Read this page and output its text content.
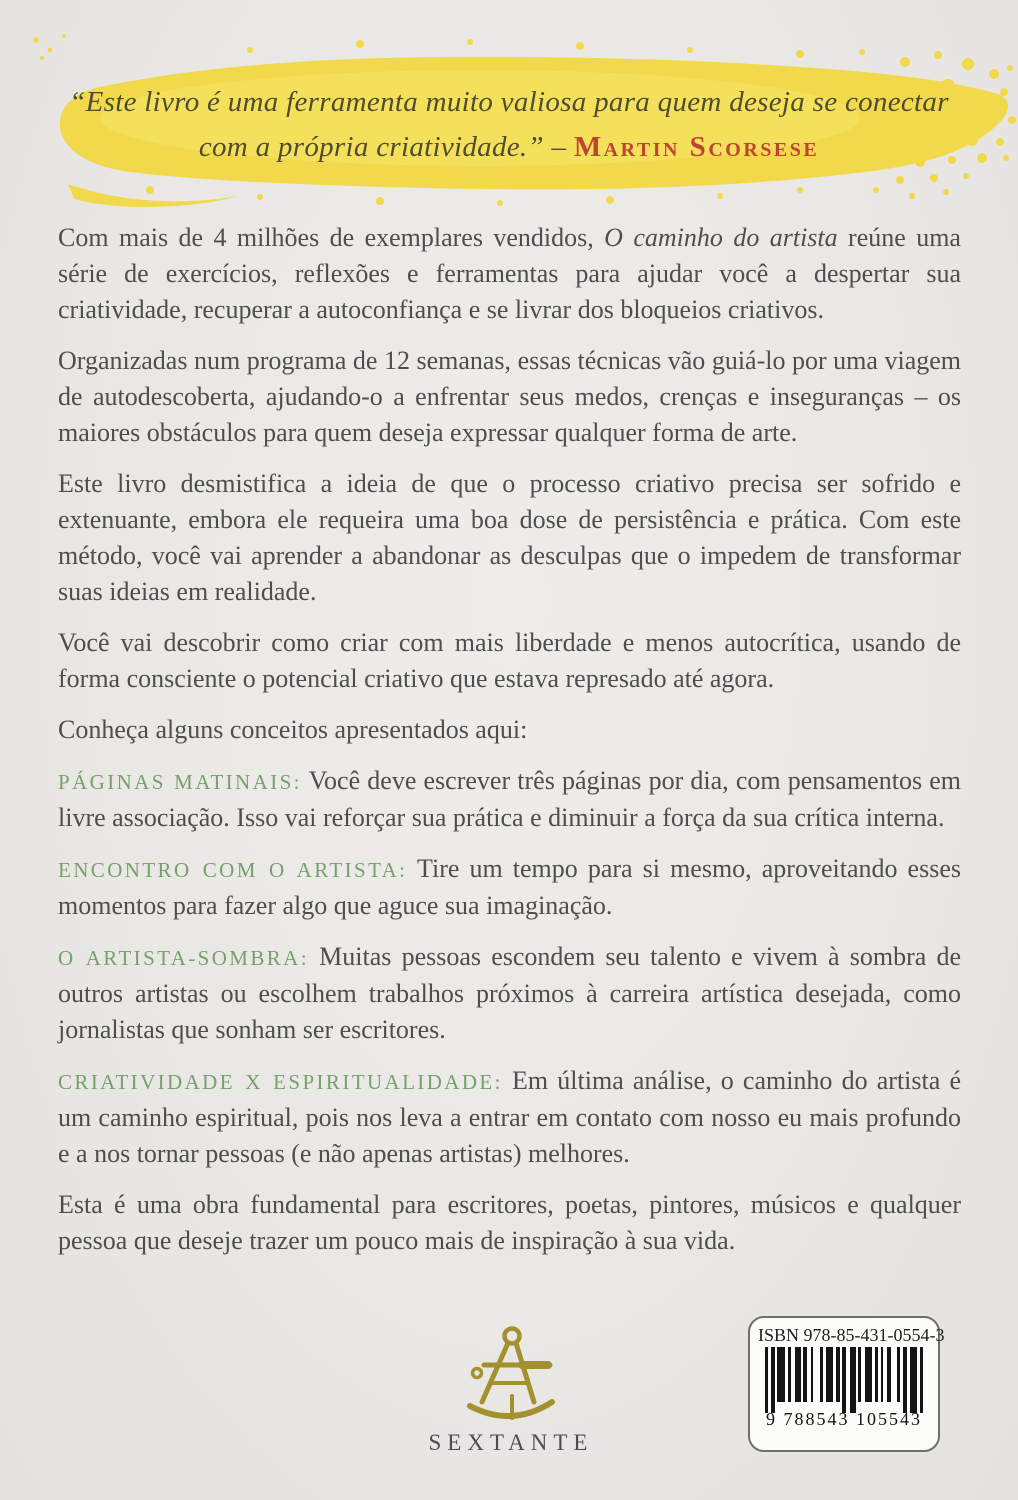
“Este livro é uma ferramenta muito valiosa para quem deseja se conectar
com a própria criatividade.” – Martin Scorsese

Com mais de 4 milhões de exemplares vendidos, O caminho do artista reúne uma série de exercícios, reflexões e ferramentas para ajudar você a despertar sua criatividade, recuperar a autoconfiança e se livrar dos bloqueios criativos.

Organizadas num programa de 12 semanas, essas técnicas vão guiá-lo por uma viagem de autodescoberta, ajudando-o a enfrentar seus medos, crenças e inseguranças – os maiores obstáculos para quem deseja expressar qualquer forma de arte.

Este livro desmistifica a ideia de que o processo criativo precisa ser sofrido e extenuante, embora ele requeira uma boa dose de persistência e prática. Com este método, você vai aprender a abandonar as desculpas que o impedem de transformar suas ideias em realidade.

Você vai descobrir como criar com mais liberdade e menos autocrítica, usando de forma consciente o potencial criativo que estava represado até agora.

Conheça alguns conceitos apresentados aqui:

PÁGINAS MATINAIS: Você deve escrever três páginas por dia, com pensamentos em livre associação. Isso vai reforçar sua prática e diminuir a força da sua crítica interna.

ENCONTRO COM O ARTISTA: Tire um tempo para si mesmo, aproveitando esses momentos para fazer algo que aguce sua imaginação.

O ARTISTA-SOMBRA: Muitas pessoas escondem seu talento e vivem à sombra de outros artistas ou escolhem trabalhos próximos à carreira artística desejada, como jornalistas que sonham ser escritores.

CRIATIVIDADE X ESPIRITUALIDADE: Em última análise, o caminho do artista é um caminho espiritual, pois nos leva a entrar em contato com nosso eu mais profundo e a nos tornar pessoas (e não apenas artistas) melhores.

Esta é uma obra fundamental para escritores, poetas, pintores, músicos e qualquer pessoa que deseje trazer um pouco mais de inspiração à sua vida.

SEXTANTE
ISBN 978-85-431-0554-3
9 788543 105543
